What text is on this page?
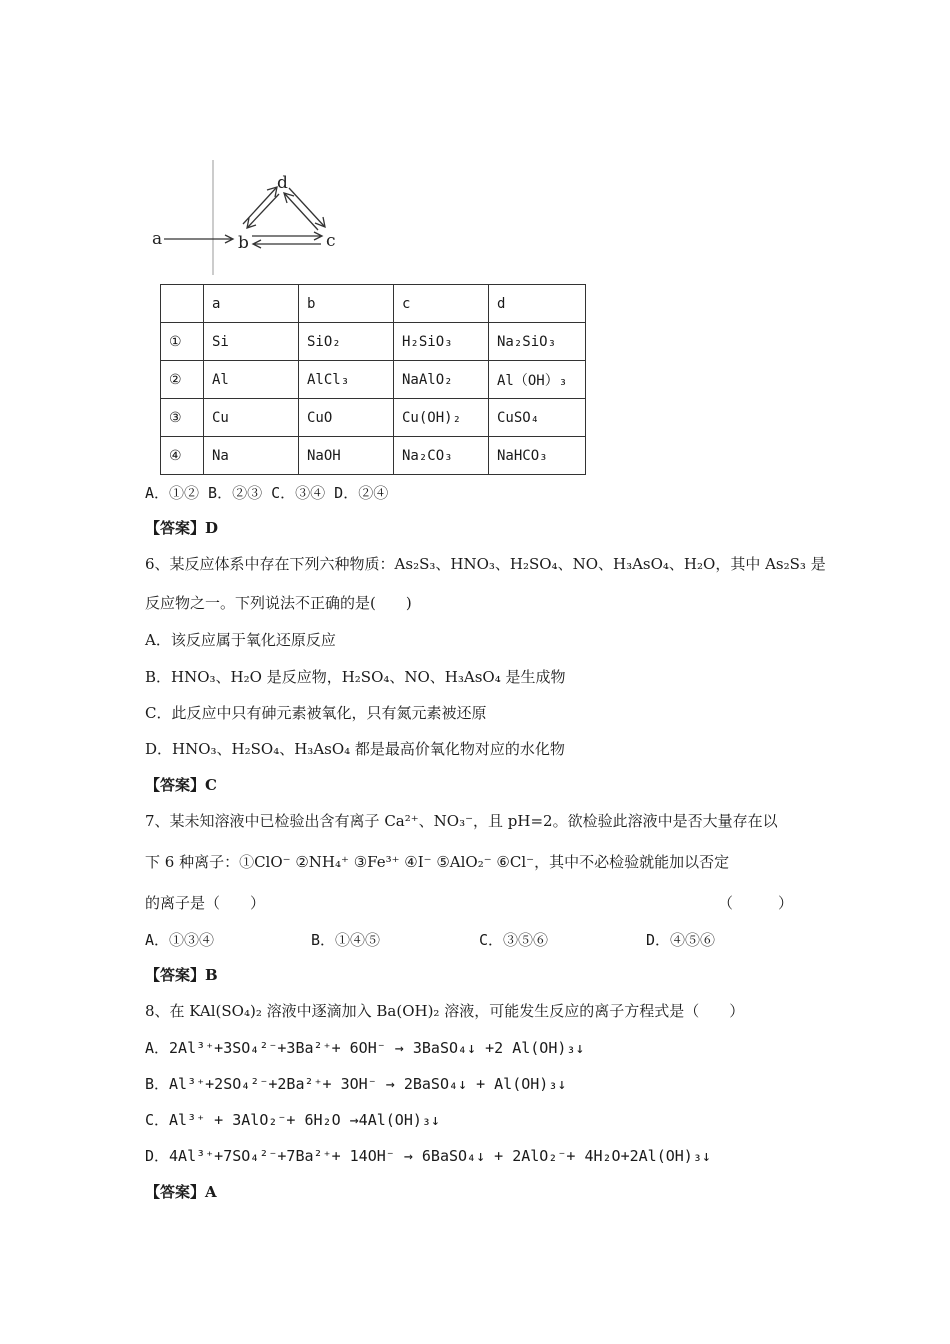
a	b	c
d
	a	b	c	d
①	Si	SiO₂	H₂SiO₃	Na₂SiO₃
②	Al	AlCl₃	NaAlO₂	Al（OH）₃
③	Cu	CuO	Cu(OH)₂	CuSO₄
④	Na	NaOH	Na₂CO₃	NaHCO₃
A．①② B．②③ C．③④ D．②④
【答案】D
6、某反应体系中存在下列六种物质：As₂S₃、HNO₃、H₂SO₄、NO、H₃AsO₄、H₂O，其中 As₂S₃ 是
反应物之一。下列说法不正确的是(　　)
A．该反应属于氧化还原反应
B．HNO₃、H₂O 是反应物，H₂SO₄、NO、H₃AsO₄ 是生成物
C．此反应中只有砷元素被氧化，只有氮元素被还原
D．HNO₃、H₂SO₄、H₃AsO₄ 都是最高价氧化物对应的水化物
【答案】C
7、某未知溶液中已检验出含有离子 Ca²⁺、NO₃⁻，且 pH=2。欲检验此溶液中是否大量存在以
下 6 种离子：①ClO⁻ ②NH₄⁺ ③Fe³⁺ ④I⁻ ⑤AlO₂⁻ ⑥Cl⁻，其中不必检验就能加以否定
的离子是（　　）	（　　　）
A．①③④	B．①④⑤	C．③⑤⑥	D．④⑤⑥
【答案】B
8、在 KAl(SO₄)₂ 溶液中逐滴加入 Ba(OH)₂ 溶液，可能发生反应的离子方程式是（　　）
A．2Al³⁺+3SO₄²⁻+3Ba²⁺+ 6OH⁻ → 3BaSO₄↓ +2 Al(OH)₃↓
B．Al³⁺+2SO₄²⁻+2Ba²⁺+ 3OH⁻ → 2BaSO₄↓ + Al(OH)₃↓
C．Al³⁺ + 3AlO₂⁻+ 6H₂O →4Al(OH)₃↓
D．4Al³⁺+7SO₄²⁻+7Ba²⁺+ 14OH⁻ → 6BaSO₄↓ + 2AlO₂⁻+ 4H₂O+2Al(OH)₃↓
【答案】A
